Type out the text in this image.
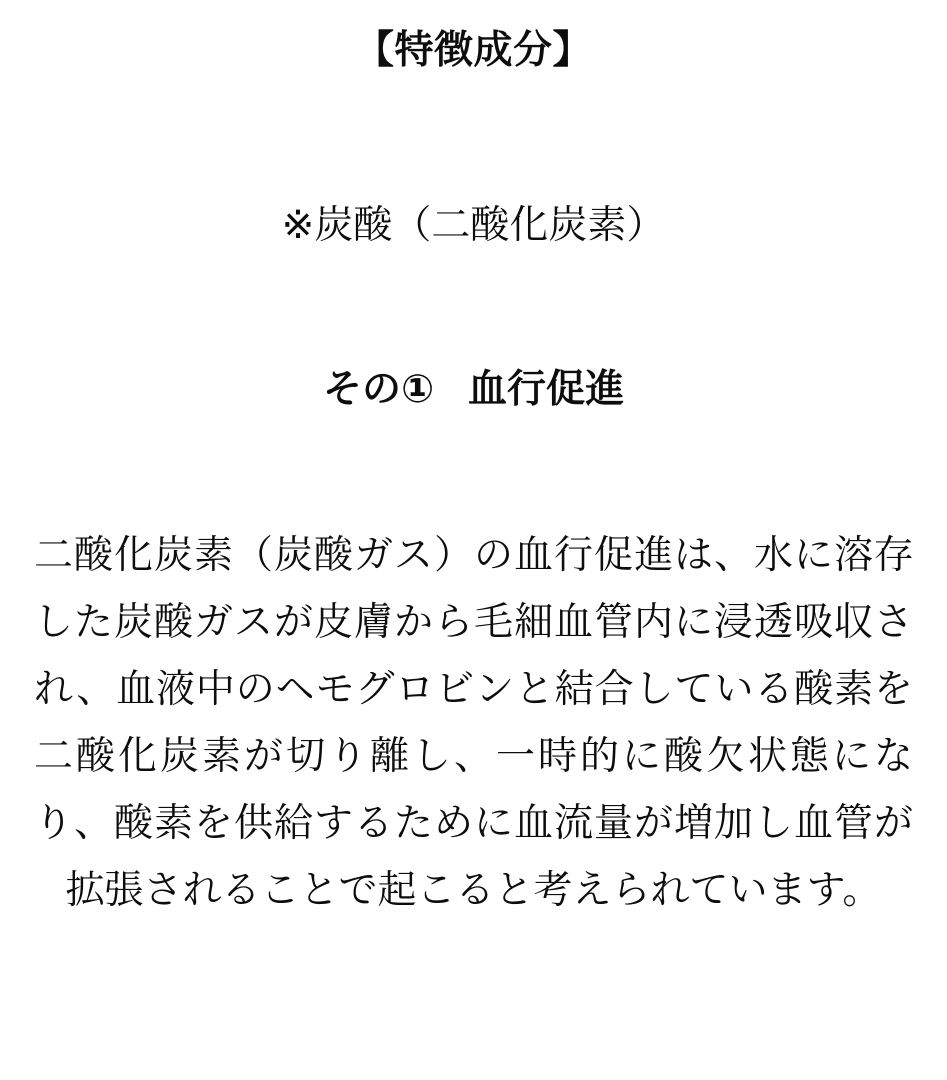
【特徴成分】

※炭酸（二酸化炭素）

その① 血行促進

二酸化炭素（炭酸ガス）の血行促進は、水に溶存した炭酸ガスが皮膚から毛細血管内に浸透吸収され、血液中のヘモグロビンと結合している酸素を二酸化炭素が切り離し、一時的に酸欠状態になり、酸素を供給するために血流量が増加し血管が拡張されることで起こると考えられています。
